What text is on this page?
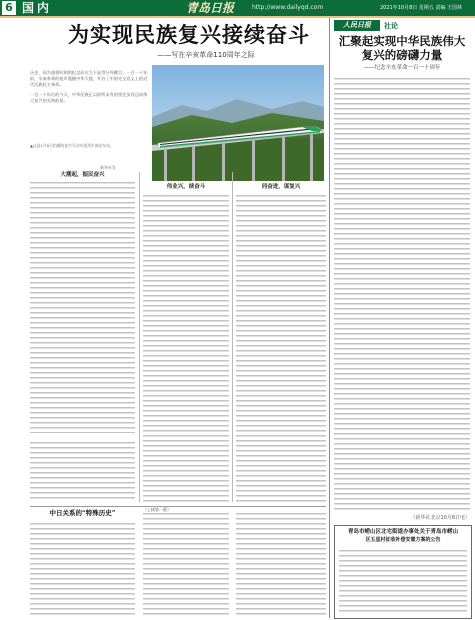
6 国内	青岛日报	http://www.dailyqd.com	2021年10月8日 星期五 责编 王国林
为实现民族复兴接续奋斗
——写在辛亥革命110周年之际
历史，因为重要时刻的纪念而在当下显得分外醒目；一百一十年前，辛亥革命的枪声震撼中华大地，开启了中国完全意义上的近代民族民主革命。
一百一十年后的今天，中华民族正以前所未有的坚定步伐迈向伟大复兴的光明前景。
▲这是1月6日拍摄的复兴号动车组列车驶出车站。
新华社发
大潮起，振民奋兴
伟业兴，续奋斗	同奋进，谋复兴
中日关系的“特殊历史”	（上接第一版）
人民日报	社论
汇聚起实现中华民族伟大复兴的磅礴力量
——纪念辛亥革命一百一十周年
（新华社北京10月8日电）
青岛市崂山区北宅街道办事处关于青岛市崂山
区五星村征收补偿安置方案的公告
